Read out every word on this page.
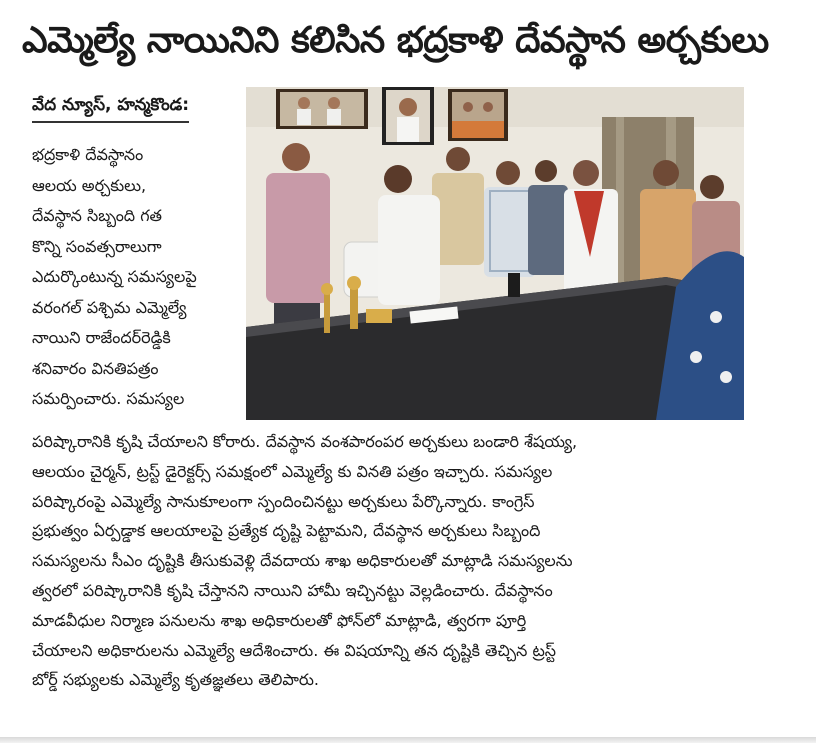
ఎమ్మెల్యే నాయినిని కలిసిన భద్రకాళి దేవస్థాన అర్చకులు
వేద న్యూస్, హన్మకొండ:

భద్రకాళి దేవస్థానం
ఆలయ అర్చకులు,
దేవస్థాన సిబ్బంది గత
కొన్ని సంవత్సరాలుగా
ఎదుర్కొంటున్న సమస్యలపై
వరంగల్ పశ్చిమ ఎమ్మెల్యే
నాయిని రాజేందర్‌రెడ్డికి
శనివారం వినతిపత్రం
సమర్పించారు. సమస్యల

పరిష్కారానికి కృషి చేయాలని కోరారు. దేవస్థాన వంశపారంపర అర్చకులు బండారి శేషయ్య,
ఆలయం చైర్మన్, ట్రస్ట్ డైరెక్టర్స్ సమక్షంలో ఎమ్మెల్యే కు వినతి పత్రం ఇచ్చారు. సమస్యల
పరిష్కారంపై ఎమ్మెల్యే సానుకూలంగా స్పందించినట్టు అర్చకులు పేర్కొన్నారు. కాంగ్రెస్
ప్రభుత్వం ఏర్పడ్డాక ఆలయాలపై ప్రత్యేక దృష్టి పెట్టామని, దేవస్థాన అర్చకులు సిబ్బంది
సమస్యలను సీఎం దృష్టికి తీసుకువెళ్లి దేవదాయ శాఖ అధికారులతో మాట్లాడి సమస్యలను
త్వరలో పరిష్కారానికి కృషి చేస్తానని నాయిని హామీ ఇచ్చినట్టు వెల్లడించారు. దేవస్థానం
మాడవీధుల నిర్మాణ పనులను శాఖ అధికారులతో ఫోన్‌లో మాట్లాడి, త్వరగా పూర్తి
చేయాలని అధికారులను ఎమ్మెల్యే ఆదేశించారు. ఈ విషయాన్ని తన దృష్టికి తెచ్చిన ట్రస్ట్
బోర్డ్ సభ్యులకు ఎమ్మెల్యే కృతజ్ఞతలు తెలిపారు.
